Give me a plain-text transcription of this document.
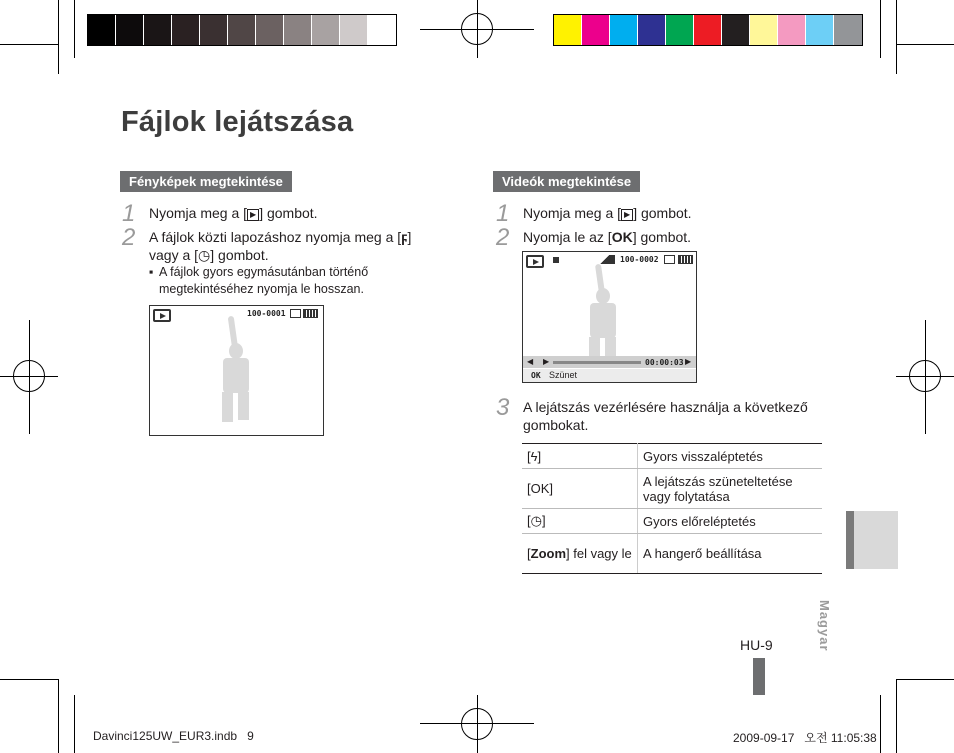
Fájlok lejátszása
Fényképek megtekintése
1 Nyomja meg a [ ▶ ] gombot.
2 A fájlok közti lapozáshoz nyomja meg a [ϝ]
vagy a [◷] gombot.
▪ A fájlok gyors egymásutánban történő megtekintéséhez nyomja le hosszan.
100-0001
Videók megtekintése
1 Nyomja meg a [ ▶ ] gombot.
2 Nyomja le az [OK] gombot.
100-0002
◀ ▶	00:00:03 ▶
OK Szünet
3 A lejátszás vezérlésére használja a következő gombokat.
[ϟ]	Gyors visszaléptetés
[OK]	A lejátszás szüneteltetése vagy folytatása
[◷]	Gyors előreléptetés
[Zoom] fel vagy le	A hangerő beállítása
Magyar
HU-9
Davinci125UW_EUR3.indb   9	2009-09-17   오전 11:05:38
